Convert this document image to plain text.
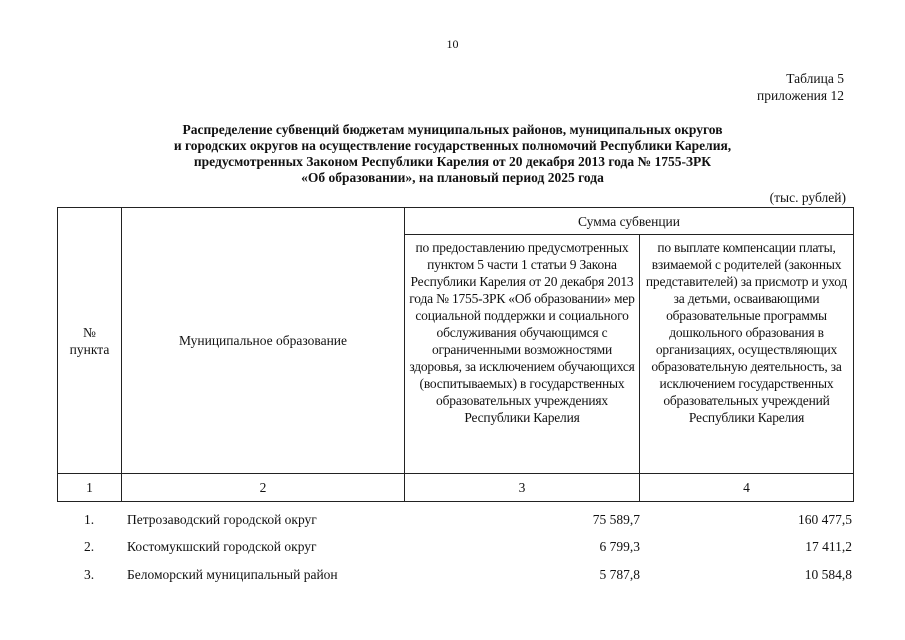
10
Таблица 5
приложения 12
Распределение субвенций бюджетам муниципальных районов, муниципальных округов
и городских округов на осуществление государственных полномочий Республики Карелия,
предусмотренных Законом Республики Карелия от 20 декабря 2013 года № 1755-ЗРК
«Об образовании», на плановый период 2025 года
(тыс. рублей)
№ пункта
Муниципальное образование
Сумма субвенции
по предоставлению предусмотренных пунктом 5 части 1 статьи 9 Закона Республики Карелия от 20 декабря 2013 года № 1755-ЗРК «Об образовании» мер социальной поддержки и социального обслуживания обучающимся с ограниченными возможностями здоровья, за исключением обучающихся (воспитываемых) в государственных образовательных учреждениях Республики Карелия
по выплате компенсации платы, взимаемой с родителей (законных представителей) за присмотр и уход за детьми, осваивающими образовательные программы дошкольного образования в организациях, осуществляющих образовательную деятельность, за исключением государственных образовательных учреждений Республики Карелия
1	2	3	4
1.	Петрозаводский городской округ	75 589,7	160 477,5
2.	Костомукшский городской округ	6 799,3	17 411,2
3.	Беломорский муниципальный район	5 787,8	10 584,8
